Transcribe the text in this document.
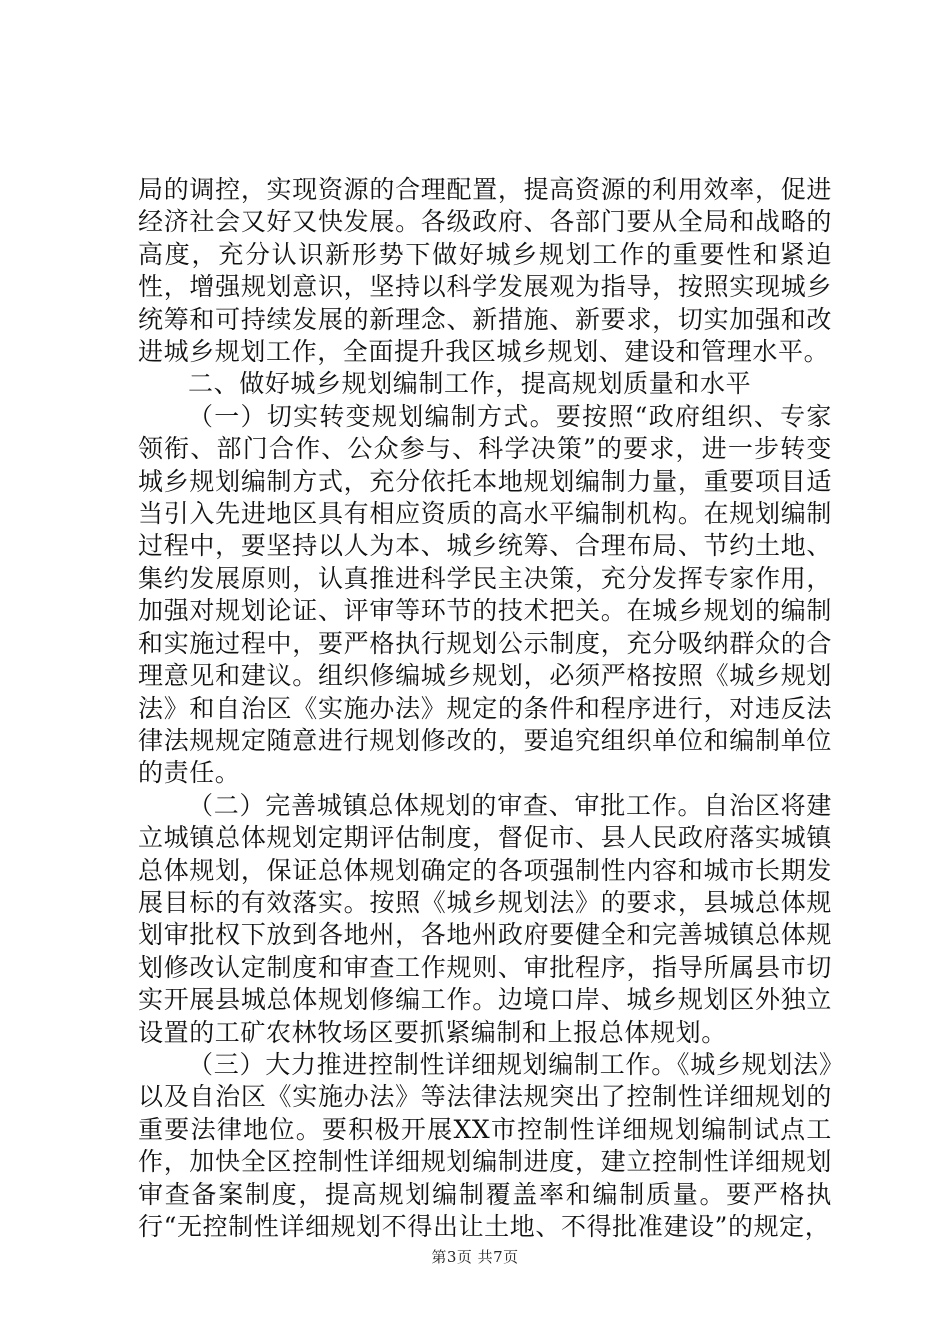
局的调控，实现资源的合理配置，提高资源的利用效率，促进经济社会又好又快发展。各级政府、各部门要从全局和战略的高度，充分认识新形势下做好城乡规划工作的重要性和紧迫性，增强规划意识，坚持以科学发展观为指导，按照实现城乡统筹和可持续发展的新理念、新措施、新要求，切实加强和改进城乡规划工作，全面提升我区城乡规划、建设和管理水平。

二、做好城乡规划编制工作，提高规划质量和水平

（一）切实转变规划编制方式。要按照“政府组织、专家领衔、部门合作、公众参与、科学决策”的要求，进一步转变城乡规划编制方式，充分依托本地规划编制力量，重要项目适当引入先进地区具有相应资质的高水平编制机构。在规划编制过程中，要坚持以人为本、城乡统筹、合理布局、节约土地、集约发展原则，认真推进科学民主决策，充分发挥专家作用，加强对规划论证、评审等环节的技术把关。在城乡规划的编制和实施过程中，要严格执行规划公示制度，充分吸纳群众的合理意见和建议。组织修编城乡规划，必须严格按照《城乡规划法》和自治区《实施办法》规定的条件和程序进行，对违反法律法规规定随意进行规划修改的，要追究组织单位和编制单位的责任。

（二）完善城镇总体规划的审查、审批工作。自治区将建立城镇总体规划定期评估制度，督促市、县人民政府落实城镇总体规划，保证总体规划确定的各项强制性内容和城市长期发展目标的有效落实。按照《城乡规划法》的要求，县城总体规划审批权下放到各地州，各地州政府要健全和完善城镇总体规划修改认定制度和审查工作规则、审批程序，指导所属县市切实开展县城总体规划修编工作。边境口岸、城乡规划区外独立设置的工矿农林牧场区要抓紧编制和上报总体规划。

（三）大力推进控制性详细规划编制工作。《城乡规划法》以及自治区《实施办法》等法律法规突出了控制性详细规划的重要法律地位。要积极开展XX市控制性详细规划编制试点工作，加快全区控制性详细规划编制进度，建立控制性详细规划审查备案制度，提高规划编制覆盖率和编制质量。要严格执行“无控制性详细规划不得出让土地、不得批准建设”的规定，

第3页 共7页
